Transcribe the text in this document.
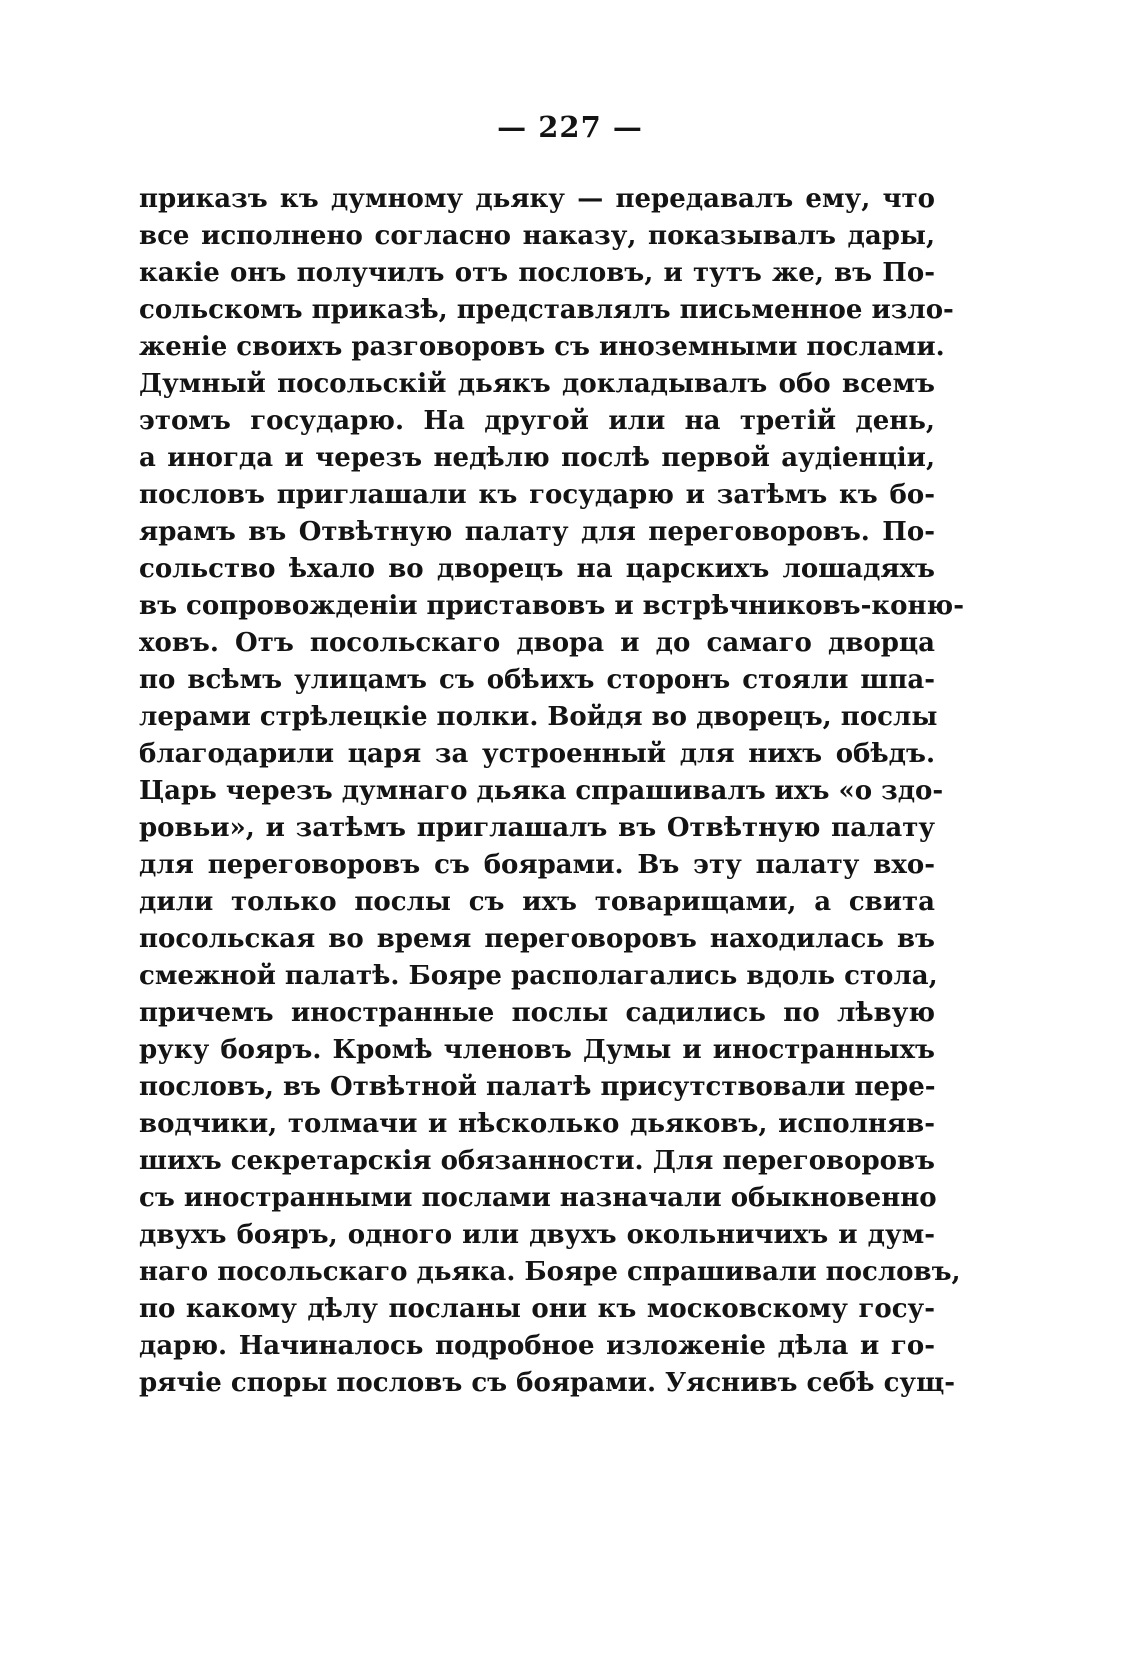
— 227 —
приказъ къ думному дьяку — передавалъ ему, что
все исполнено согласно наказу, показывалъ дары,
какіе онъ получилъ отъ пословъ, и тутъ же, въ По-
сольскомъ приказѣ, представлялъ письменное изло-
женіе своихъ разговоровъ съ иноземными послами.
Думный посольскій дьякъ докладывалъ обо всемъ
этомъ государю. На другой или на третій день,
а иногда и черезъ недѣлю послѣ первой аудіенціи,
пословъ приглашали къ государю и затѣмъ къ бо-
ярамъ въ Отвѣтную палату для переговоровъ. По-
сольство ѣхало во дворецъ на царскихъ лошадяхъ
въ сопровожденіи приставовъ и встрѣчниковъ-коню-
ховъ. Отъ посольскаго двора и до самаго дворца
по всѣмъ улицамъ съ обѣихъ сторонъ стояли шпа-
лерами стрѣлецкіе полки. Войдя во дворецъ, послы
благодарили царя за устроенный для нихъ обѣдъ.
Царь черезъ думнаго дьяка спрашивалъ ихъ «о здо-
ровьи», и затѣмъ приглашалъ въ Отвѣтную палату
для переговоровъ съ боярами. Въ эту палату вхо-
дили только послы съ ихъ товарищами, а свита
посольская во время переговоровъ находилась въ
смежной палатѣ. Бояре располагались вдоль стола,
причемъ иностранные послы садились по лѣвую
руку бояръ. Кромѣ членовъ Думы и иностранныхъ
пословъ, въ Отвѣтной палатѣ присутствовали пере-
водчики, толмачи и нѣсколько дьяковъ, исполняв-
шихъ секретарскія обязанности. Для переговоровъ
съ иностранными послами назначали обыкновенно
двухъ бояръ, одного или двухъ окольничихъ и дум-
наго посольскаго дьяка. Бояре спрашивали пословъ,
по какому дѣлу посланы они къ московскому госу-
дарю. Начиналось подробное изложеніе дѣла и го-
рячіе споры пословъ съ боярами. Уяснивъ себѣ сущ-
